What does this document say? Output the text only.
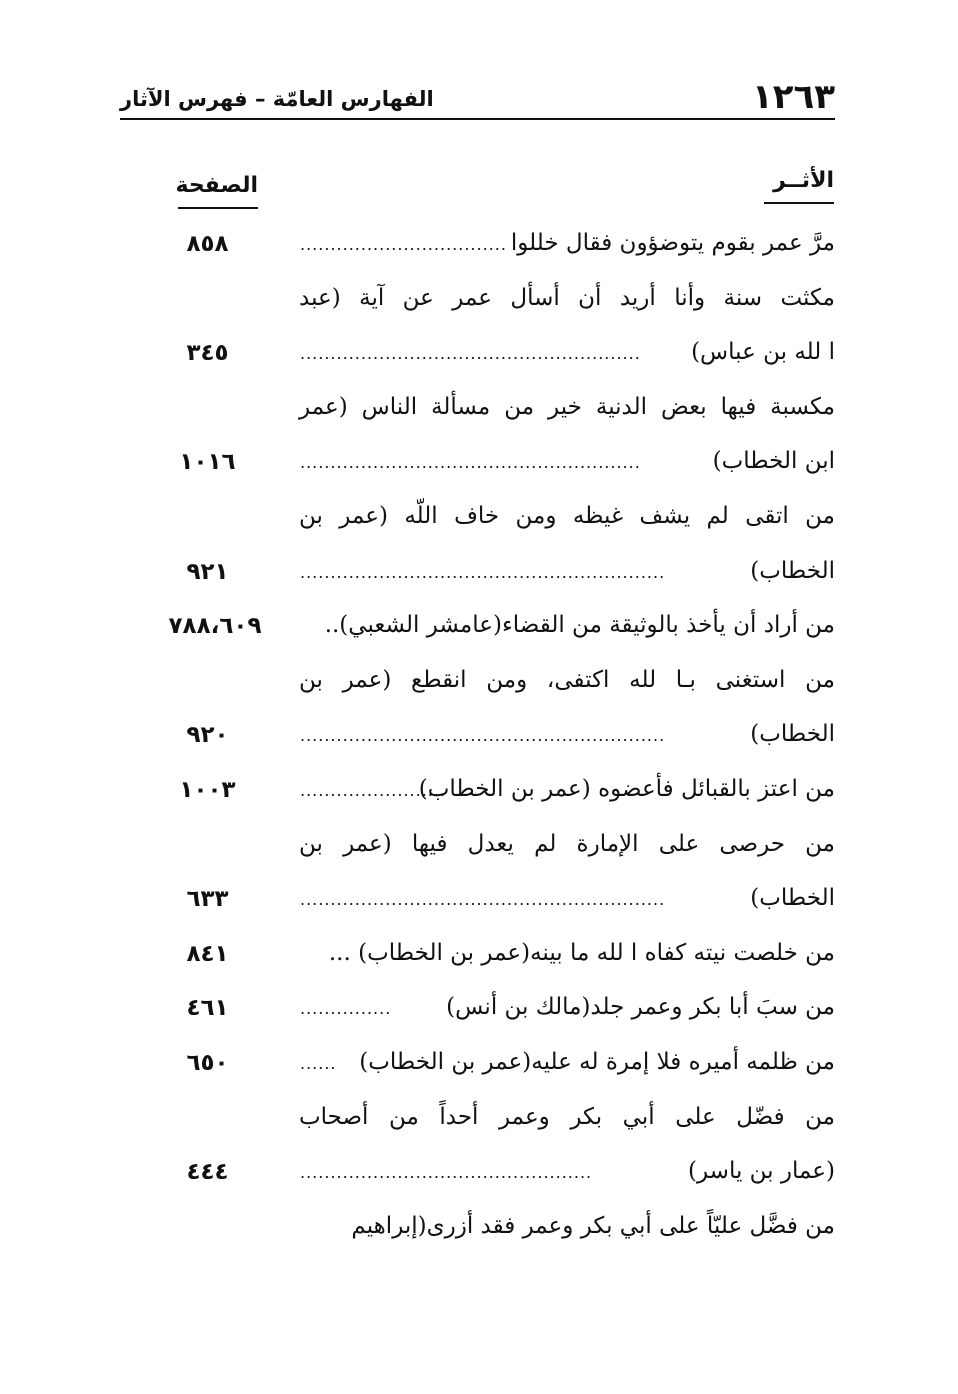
١٢٦٣
الفهارس العامّة – فهرس الآثار
الأثــر
الصفحة
مرَّ عمر بقوم يتوضؤون فقال خللوا
..................................
٨٥٨
مكثت سنة وأنا أريد أن أسأل عمر عن آية (عبد
ا لله بن عباس)
........................................................
٣٤٥
مكسبة فيها بعض الدنية خير من مسألة الناس (عمر
ابن الخطاب)
........................................................
١٠١٦
من اتقى لم يشف غيظه ومن خاف اللّه (عمر بن
الخطاب)
............................................................
٩٢١
من أراد أن يأخذ بالوثيقة من القضاء(عامشر الشعبي)..
٧٨٨،٦٠٩
من استغنى بـا لله اكتفى، ومن انقطع (عمر بن
الخطاب)
............................................................
٩٢٠
من اعتز بالقبائل فأعضوه (عمر بن الخطاب)
........................
١٠٠٣
من حرصى على الإمارة لم يعدل فيها (عمر بن
الخطاب)
............................................................
٦٣٣
من خلصت نيته كفاه ا لله ما بينه(عمر بن الخطاب) ...
٨٤١
من سبَ أبا بكر وعمر جلد(مالك بن أنس)
...............
٤٦١
من ظلمه أميره فلا إمرة له عليه(عمر بن الخطاب)
......
٦٥٠
من فضّل على أبي بكر وعمر أحداً من أصحاب
(عمار بن ياسر)
................................................
٤٤٤
من فضَّل عليّاً على أبي بكر وعمر فقد أزرى(إبراهيم
